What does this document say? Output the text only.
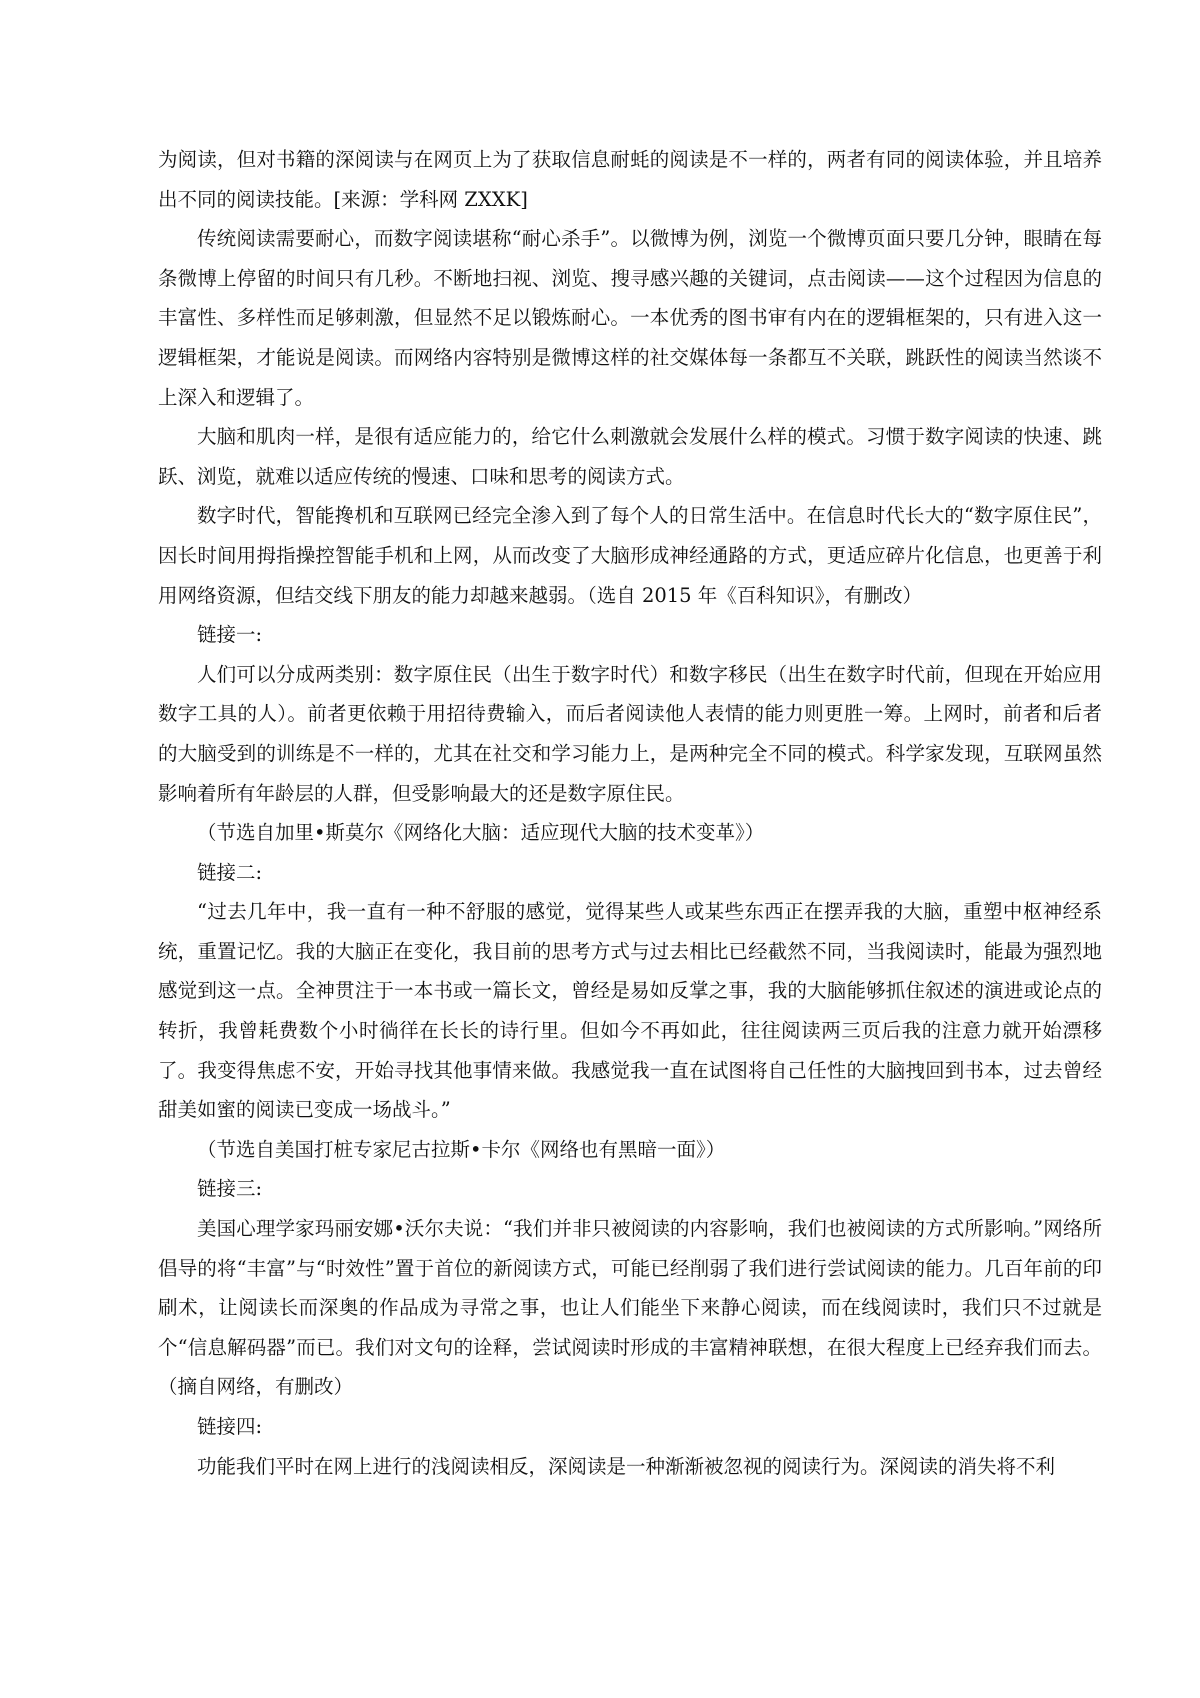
为阅读，但对书籍的深阅读与在网页上为了获取信息耐蚝的阅读是不一样的，两者有同的阅读体验，并且培养出不同的阅读技能。[来源：学科网 ZXXK]

传统阅读需要耐心，而数字阅读堪称“耐心杀手”。以微博为例，浏览一个微博页面只要几分钟，眼睛在每条微博上停留的时间只有几秒。不断地扫视、浏览、搜寻感兴趣的关键词，点击阅读——这个过程因为信息的丰富性、多样性而足够刺激，但显然不足以锻炼耐心。一本优秀的图书审有内在的逻辑框架的，只有进入这一逻辑框架，才能说是阅读。而网络内容特别是微博这样的社交媒体每一条都互不关联，跳跃性的阅读当然谈不上深入和逻辑了。

大脑和肌肉一样，是很有适应能力的，给它什么刺激就会发展什么样的模式。习惯于数字阅读的快速、跳跃、浏览，就难以适应传统的慢速、口味和思考的阅读方式。

数字时代，智能搀机和互联网已经完全渗入到了每个人的日常生活中。在信息时代长大的“数字原住民”，因长时间用拇指操控智能手机和上网，从而改变了大脑形成神经通路的方式，更适应碎片化信息，也更善于利用网络资源，但结交线下朋友的能力却越来越弱。（选自 2015 年《百科知识》，有删改）

链接一:

人们可以分成两类别：数字原住民（出生于数字时代）和数字移民（出生在数字时代前，但现在开始应用数字工具的人）。前者更依赖于用招待费输入，而后者阅读他人表情的能力则更胜一筹。上网时，前者和后者的大脑受到的训练是不一样的，尤其在社交和学习能力上，是两种完全不同的模式。科学家发现，互联网虽然影响着所有年龄层的人群，但受影响最大的还是数字原住民。

（节选自加里•斯莫尔《网络化大脑：适应现代大脑的技术变革》）

链接二:

“过去几年中，我一直有一种不舒服的感觉，觉得某些人或某些东西正在摆弄我的大脑，重塑中枢神经系统，重置记忆。我的大脑正在变化，我目前的思考方式与过去相比已经截然不同，当我阅读时，能最为强烈地感觉到这一点。全神贯注于一本书或一篇长文，曾经是易如反掌之事，我的大脑能够抓住叙述的演进或论点的转折，我曾耗费数个小时徜徉在长长的诗行里。但如今不再如此，往往阅读两三页后我的注意力就开始漂移了。我变得焦虑不安，开始寻找其他事情来做。我感觉我一直在试图将自己任性的大脑拽回到书本，过去曾经甜美如蜜的阅读已变成一场战斗。”

（节选自美国打桩专家尼古拉斯•卡尔《网络也有黑暗一面》）

链接三:

美国心理学家玛丽安娜•沃尔夫说：“我们并非只被阅读的内容影响，我们也被阅读的方式所影响。”网络所倡导的将“丰富”与“时效性”置于首位的新阅读方式，可能已经削弱了我们进行尝试阅读的能力。几百年前的印刷术，让阅读长而深奥的作品成为寻常之事，也让人们能坐下来静心阅读，而在线阅读时，我们只不过就是个“信息解码器”而已。我们对文句的诠释，尝试阅读时形成的丰富精神联想，在很大程度上已经弃我们而去。（摘自网络，有删改）

链接四:

功能我们平时在网上进行的浅阅读相反，深阅读是一种渐渐被忽视的阅读行为。深阅读的消失将不利
